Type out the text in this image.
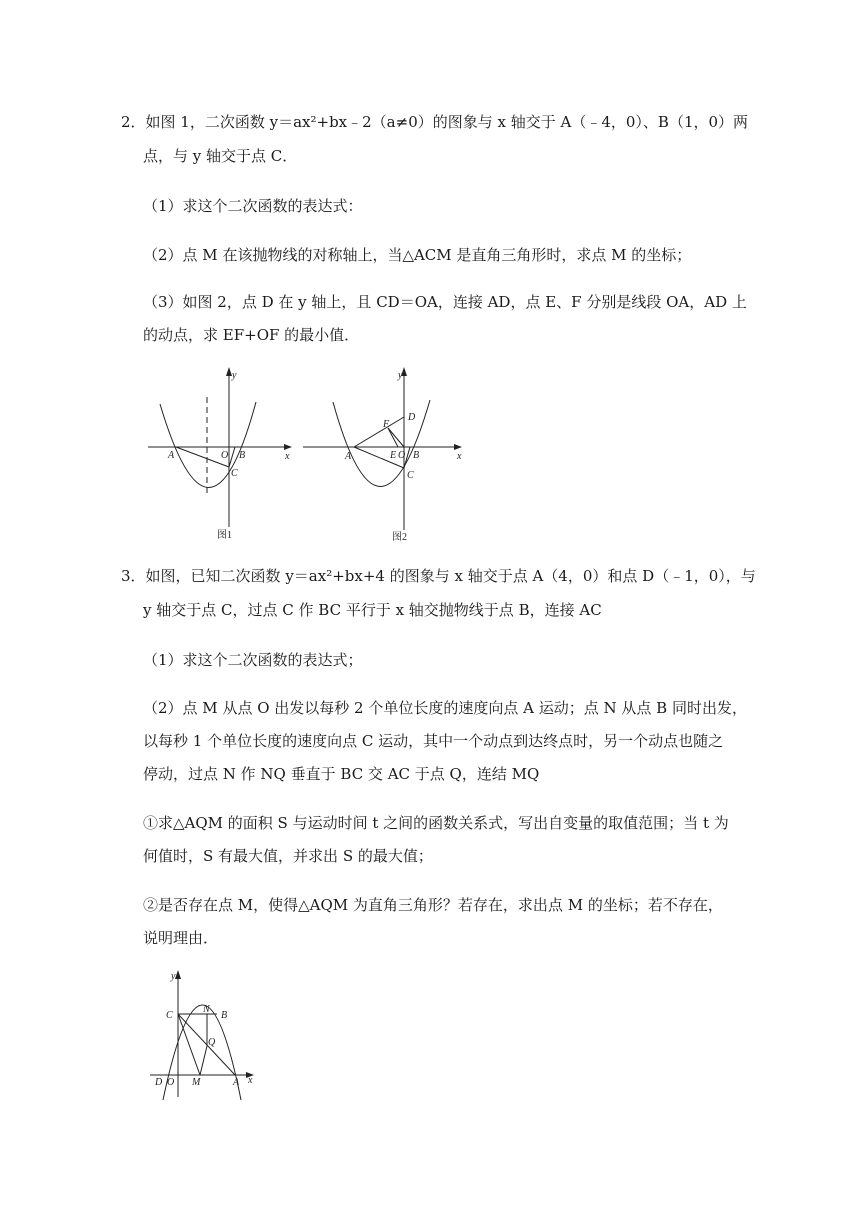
2．如图 1，二次函数 y＝ax²+bx﹣2（a≠0）的图象与 x 轴交于 A（﹣4，0）、B（1，0）两
点，与 y 轴交于点 C．
（1）求这个二次函数的表达式：
（2）点 M 在该抛物线的对称轴上，当△ACM 是直角三角形时，求点 M 的坐标；
（3）如图 2，点 D 在 y 轴上，且 CD＝OA，连接 AD，点 E、F 分别是线段 OA，AD 上
的动点，求 EF+OF 的最小值．
y
x
A	O B
C
图1
y
x
A	E O B
C
D
F
图2
3．如图，已知二次函数 y＝ax²+bx+4 的图象与 x 轴交于点 A（4，0）和点 D（﹣1，0），与
y 轴交于点 C，过点 C 作 BC 平行于 x 轴交抛物线于点 B，连接 AC
（1）求这个二次函数的表达式；
（2）点 M 从点 O 出发以每秒 2 个单位长度的速度向点 A 运动；点 N 从点 B 同时出发，
以每秒 1 个单位长度的速度向点 C 运动，其中一个动点到达终点时，另一个动点也随之
停动，过点 N 作 NQ 垂直于 BC 交 AC 于点 Q，连结 MQ
①求△AQM 的面积 S 与运动时间 t 之间的函数关系式，写出自变量的取值范围；当 t 为
何值时，S 有最大值，并求出 S 的最大值；
②是否存在点 M，使得△AQM 为直角三角形？若存在，求出点 M 的坐标；若不存在，
说明理由．
y
x
C
N
B
Q
D O M	A
